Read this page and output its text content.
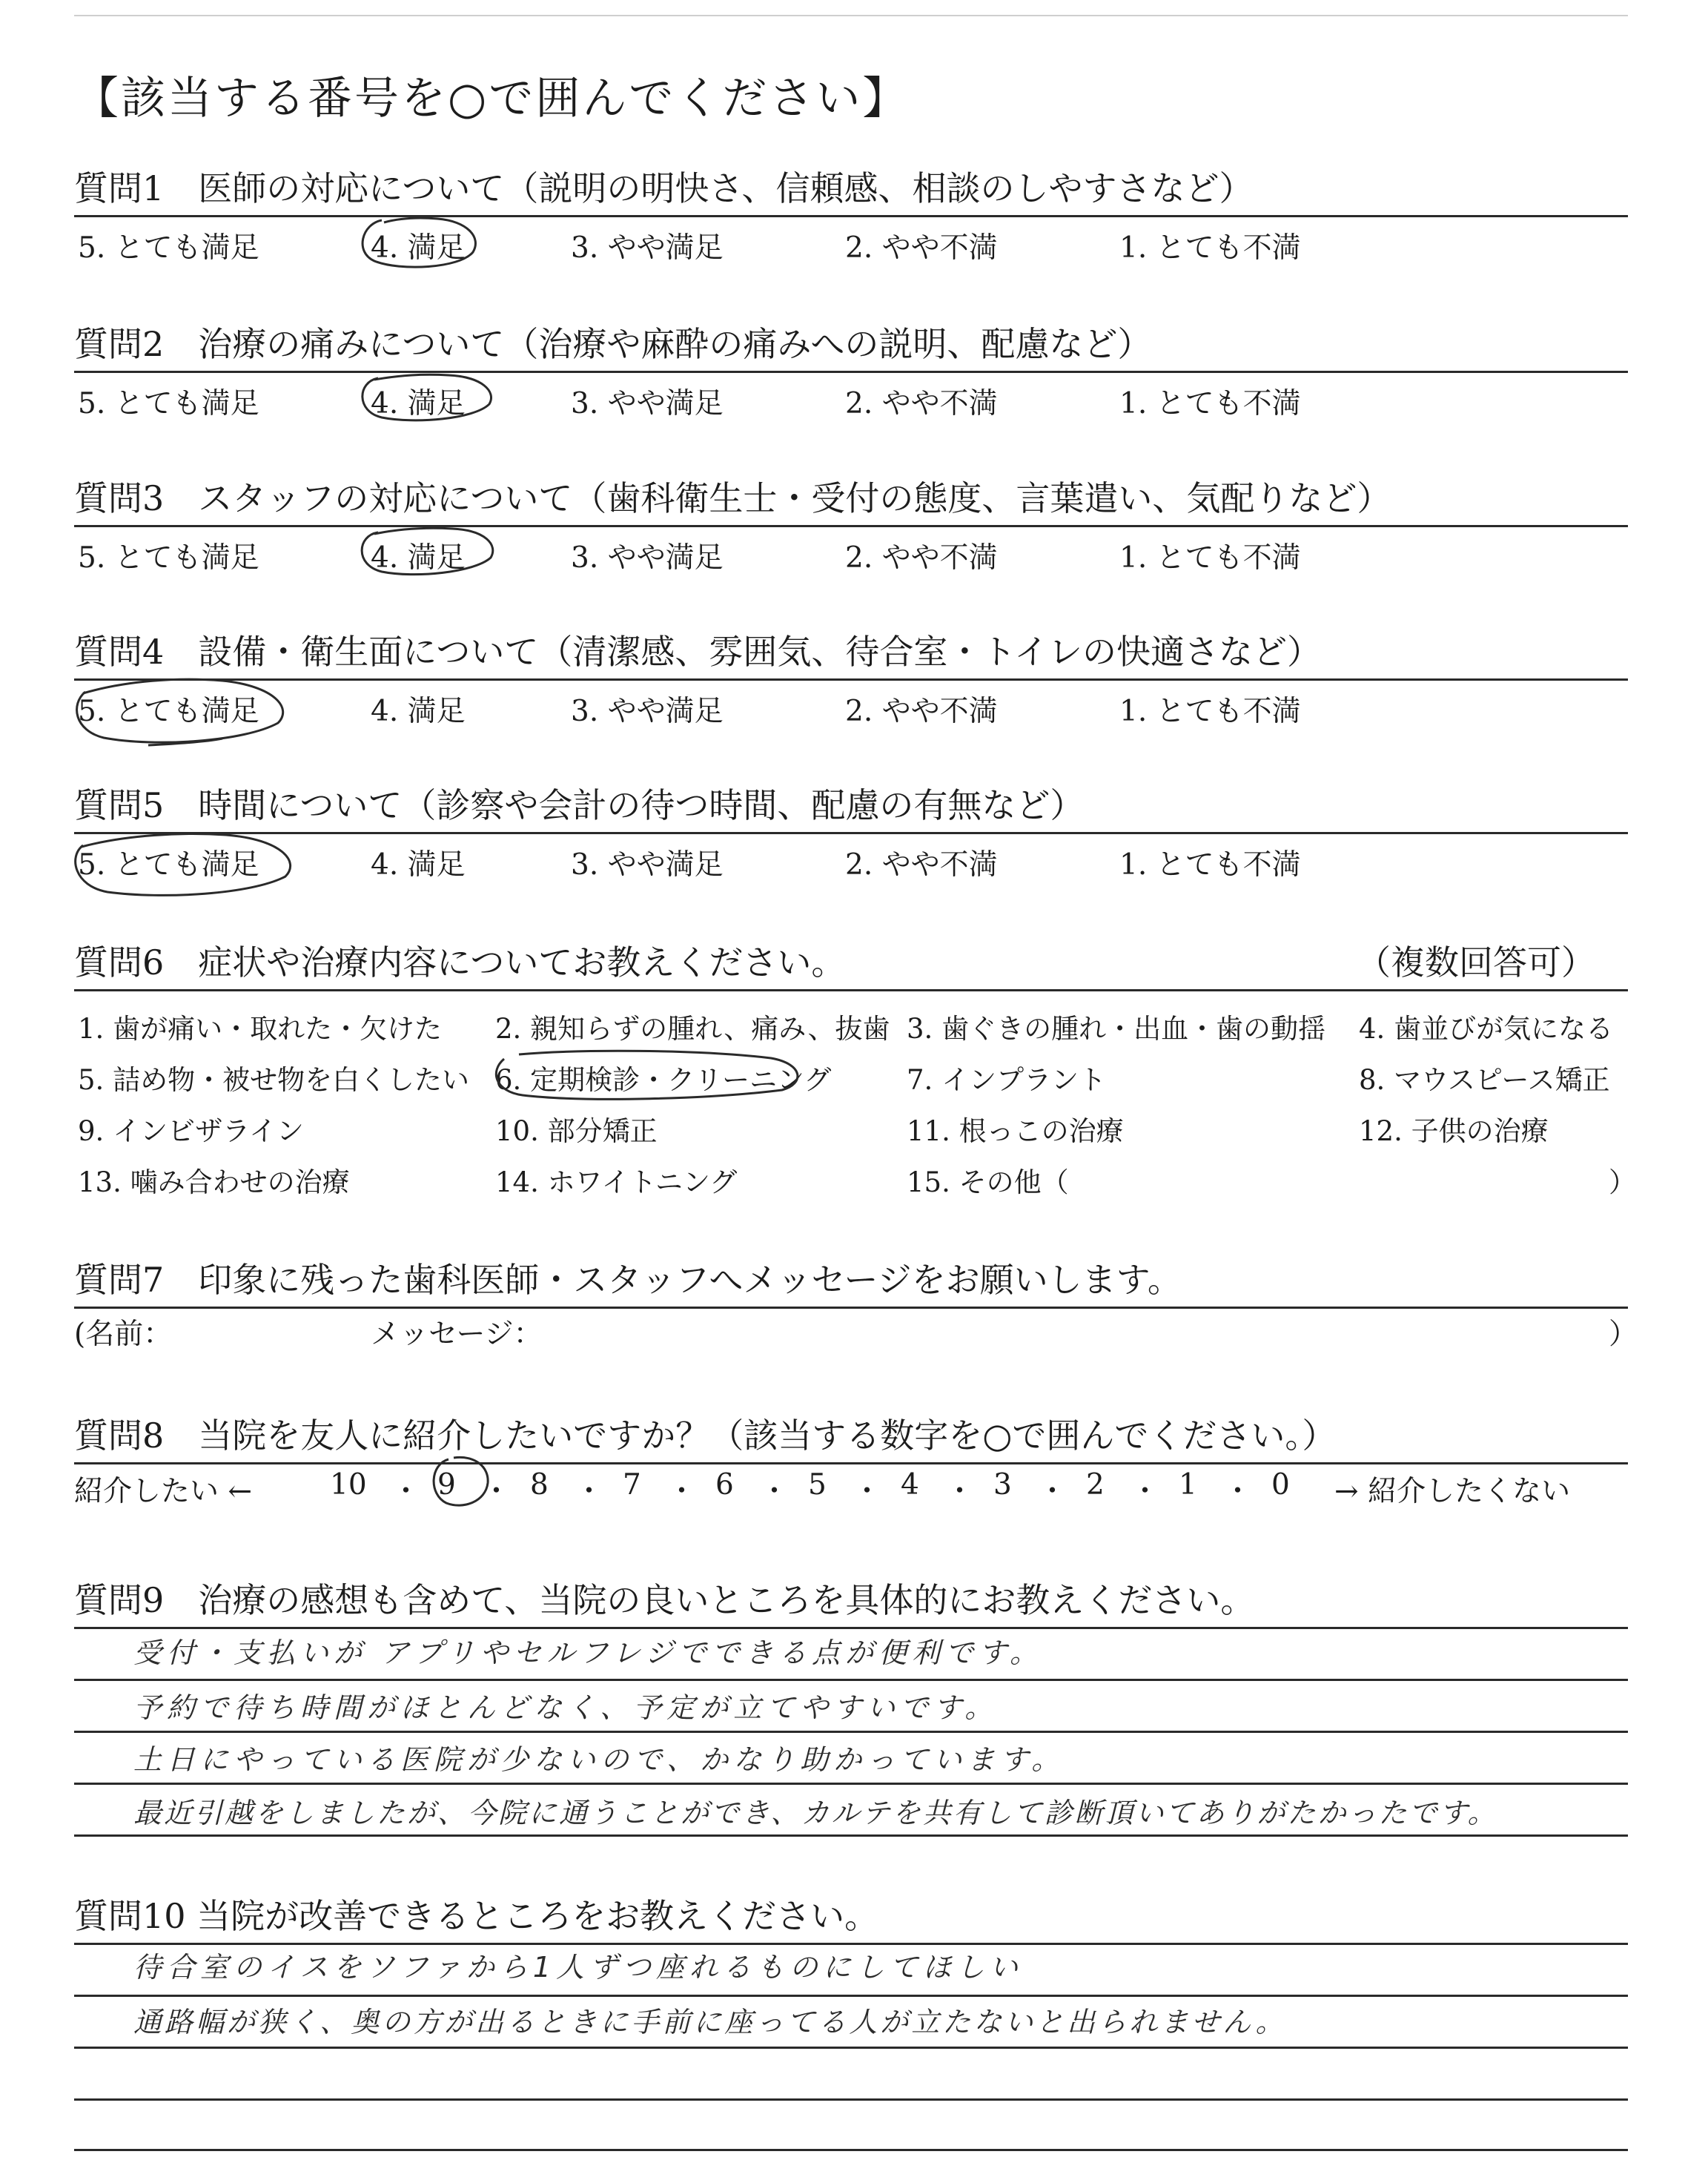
【該当する番号を○で囲んでください】
質問1　医師の対応について（説明の明快さ、信頼感、相談のしやすさなど）
5. とても満足	4. 満足	3. やや満足	2. やや不満	1. とても不満
質問2　治療の痛みについて（治療や麻酔の痛みへの説明、配慮など）
5. とても満足	4. 満足	3. やや満足	2. やや不満	1. とても不満
質問3　スタッフの対応について（歯科衛生士・受付の態度、言葉遣い、気配りなど）
5. とても満足	4. 満足	3. やや満足	2. やや不満	1. とても不満
質問4　設備・衛生面について（清潔感、雰囲気、待合室・トイレの快適さなど）
5. とても満足	4. 満足	3. やや満足	2. やや不満	1. とても不満
質問5　時間について（診察や会計の待つ時間、配慮の有無など）
5. とても満足	4. 満足	3. やや満足	2. やや不満	1. とても不満
質問6　症状や治療内容についてお教えください。	（複数回答可）
1. 歯が痛い・取れた・欠けた 2. 親知らずの腫れ、痛み、抜歯 3. 歯ぐきの腫れ・出血・歯の動揺 4. 歯並びが気になる
5. 詰め物・被せ物を白くしたい 6. 定期検診・クリーニング	7. インプラント	8. マウスピース矯正
9. インビザライン	10. 部分矯正	11. 根っこの治療	12. 子供の治療
13. 噛み合わせの治療	14. ホワイトニング	15. その他（	）
質問7　印象に残った歯科医師・スタッフへメッセージをお願いします。
(名前：	メッセージ：	）
質問8　当院を友人に紹介したいですか？（該当する数字を○で囲んでください。）
紹介したい ←	10 ・ 9 ・ 8 ・ 7 ・ 6 ・ 5 ・ 4 ・ 3 ・ 2 ・ 1 ・ 0 → 紹介したくない
質問9　治療の感想も含めて、当院の良いところを具体的にお教えください。
受付・支払いが アプリやセルフレジでできる点が便利です。
予約で待ち時間がほとんどなく、予定が立てやすいです。
土日にやっている医院が少ないので、かなり助かっています。
最近引越をしましたが、今院に通うことができ、カルテを共有して診断頂いてありがたかったです。
質問10 当院が改善できるところをお教えください。
待合室のイスをソファから1人ずつ座れるものにしてほしい
通路幅が狭く、奥の方が出るときに手前に座ってる人が立たないと出られません。
